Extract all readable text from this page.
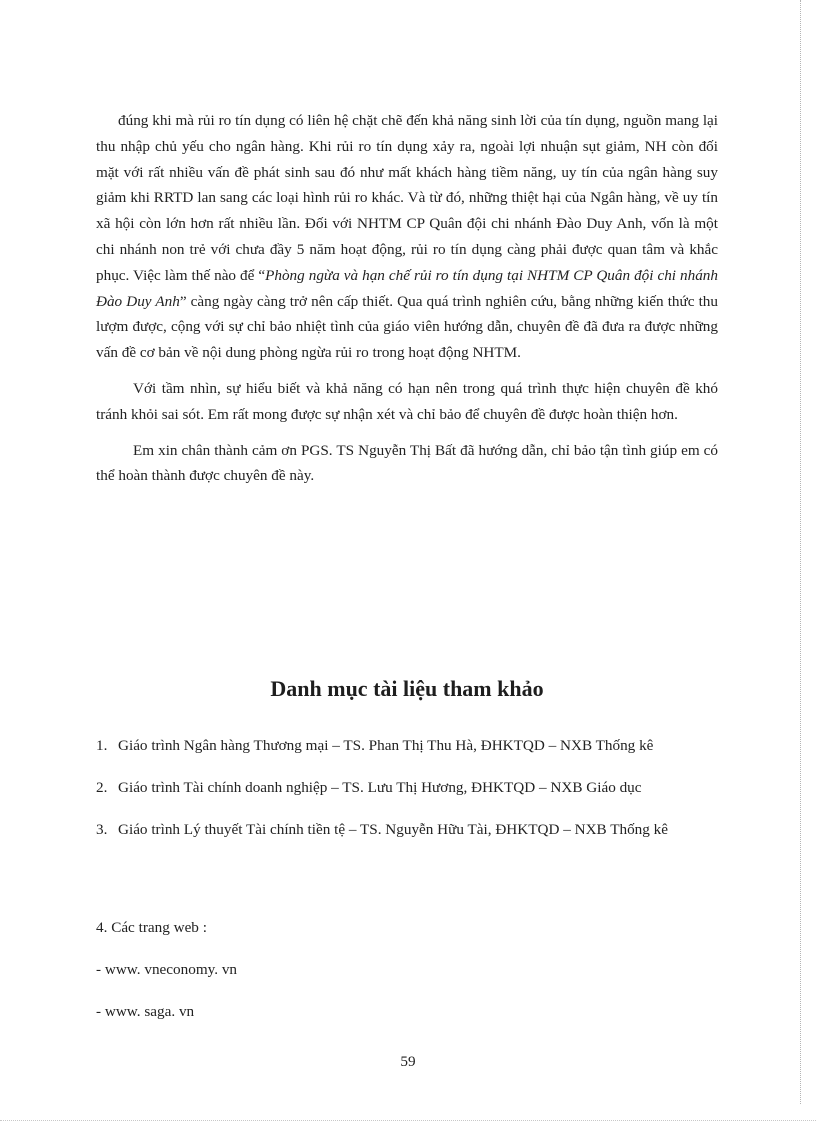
đúng khi mà rủi ro tín dụng có liên hệ chặt chẽ đến khả năng sinh lời của tín dụng, nguồn mang lại thu nhập chủ yếu cho ngân hàng. Khi rủi ro tín dụng xảy ra, ngoài lợi nhuận sụt giảm, NH còn đối mặt với rất nhiều vấn đề phát sinh sau đó như mất khách hàng tiềm năng, uy tín của ngân hàng suy giảm khi RRTD lan sang các loại hình rủi ro khác. Và từ đó, những thiệt hại của Ngân hàng, về uy tín xã hội còn lớn hơn rất nhiều lần. Đối với NHTM CP Quân đội chi nhánh Đào Duy Anh, vốn là một chi nhánh non trẻ với chưa đầy 5 năm hoạt động, rủi ro tín dụng càng phải được quan tâm và khắc phục. Việc làm thế nào để “Phòng ngừa và hạn chế rủi ro tín dụng tại NHTM CP Quân đội chi nhánh Đào Duy Anh” càng ngày càng trở nên cấp thiết. Qua quá trình nghiên cứu, bằng những kiến thức thu lượm được, cộng với sự chỉ bảo nhiệt tình của giáo viên hướng dẫn, chuyên đề đã đưa ra được những vấn đề cơ bản về nội dung phòng ngừa rủi ro trong hoạt động NHTM.

Với tầm nhìn, sự hiểu biết và khả năng có hạn nên trong quá trình thực hiện chuyên đề khó tránh khỏi sai sót. Em rất mong được sự nhận xét và chỉ bảo để chuyên đề được hoàn thiện hơn.

Em xin chân thành cảm ơn PGS. TS Nguyễn Thị Bất đã hướng dẫn, chỉ bảo tận tình giúp em có thể hoàn thành được chuyên đề này.

Danh mục tài liệu tham khảo
1. Giáo trình Ngân hàng Thương mại – TS. Phan Thị Thu Hà, ĐHKTQD – NXB Thống kê
2. Giáo trình Tài chính doanh nghiệp – TS. Lưu Thị Hương, ĐHKTQD – NXB Giáo dục
3. Giáo trình Lý thuyết Tài chính tiền tệ – TS. Nguyễn Hữu Tài, ĐHKTQD – NXB Thống kê
4. Các trang web :
- www. vneconomy. vn
- www. saga. vn
59
